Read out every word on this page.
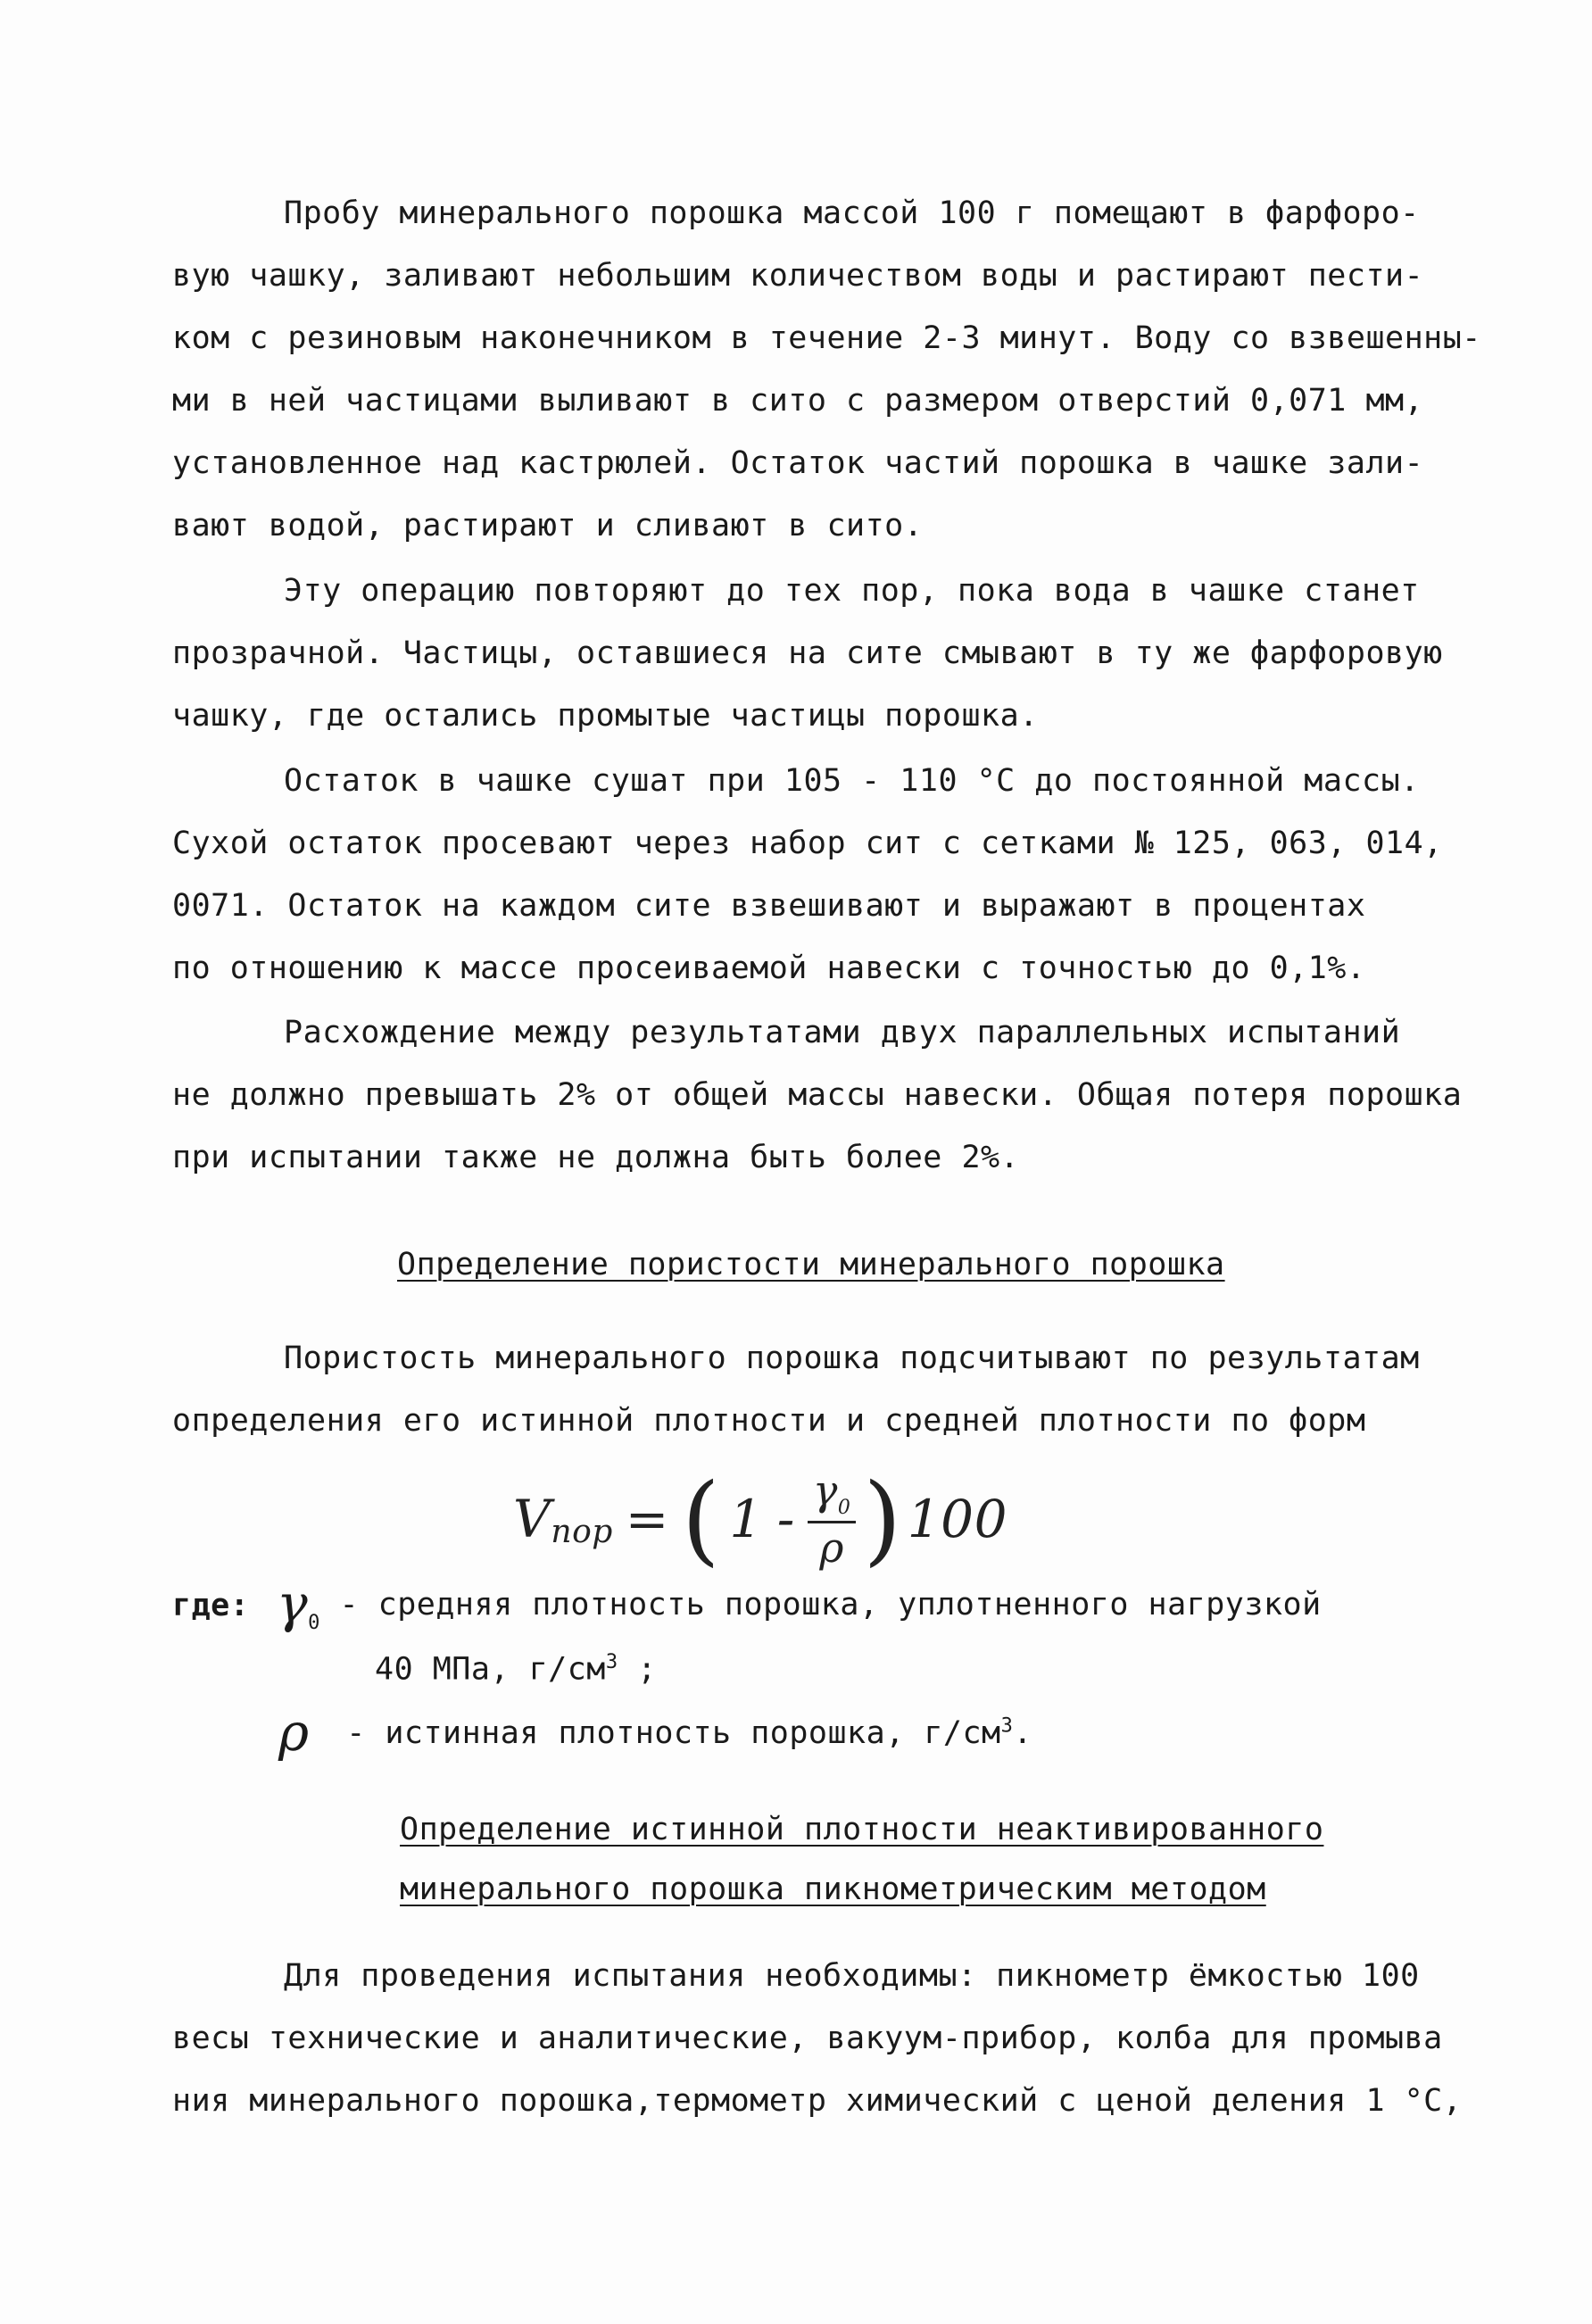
Пробу минерального порошка массой 100 г помещают в фарфоро-
вую чашку, заливают небольшим количеством воды и растирают пести-
ком с резиновым наконечником в течение 2-3 минут. Воду со взвешенны-
ми в ней частицами выливают в сито с размером отверстий 0,071 мм,
установленное над кастрюлей. Остаток частий порошка в чашке зали-
вают водой, растирают и сливают в сито.
Эту операцию повторяют до тех пор, пока вода в чашке станет
прозрачной. Частицы, оставшиеся на сите смывают в ту же фарфоровую
чашку, где остались промытые частицы порошка.
Остаток в чашке сушат при 105 - 110 °С до постоянной массы.
Сухой остаток просевают через набор сит с сетками № 125, 063, 014,
0071. Остаток на каждом сите взвешивают и выражают в процентах
по отношению к массе просеиваемой навески с точностью до 0,1%.
Расхождение между результатами двух параллельных испытаний
не должно превышать 2% от общей массы навески. Общая потеря порошка
при испытании также не должна быть более 2%.
Определение пористости минерального порошка
Пористость минерального порошка подсчитывают по результатам
определения его истинной плотности и средней плотности по форм
V пор = ( $1 - \frac{\gamma_0}{\rho}$ ) 100
где: $\gamma_0$ - средняя плотность порошка, уплотненного нагрузкой
40 МПа, $г/см^3$ ;
ρ - истинная плотность порошка, $г/см^3$.
Определение истинной плотности неактивированного
минерального порошка пикнометрическим методом
Для проведения испытания необходимы: пикнометр ёмкостью 100
весы технические и аналитические, вакуум-прибор, колба для промыва
ния минерального порошка,термометр химический с ценой деления 1 °С,
